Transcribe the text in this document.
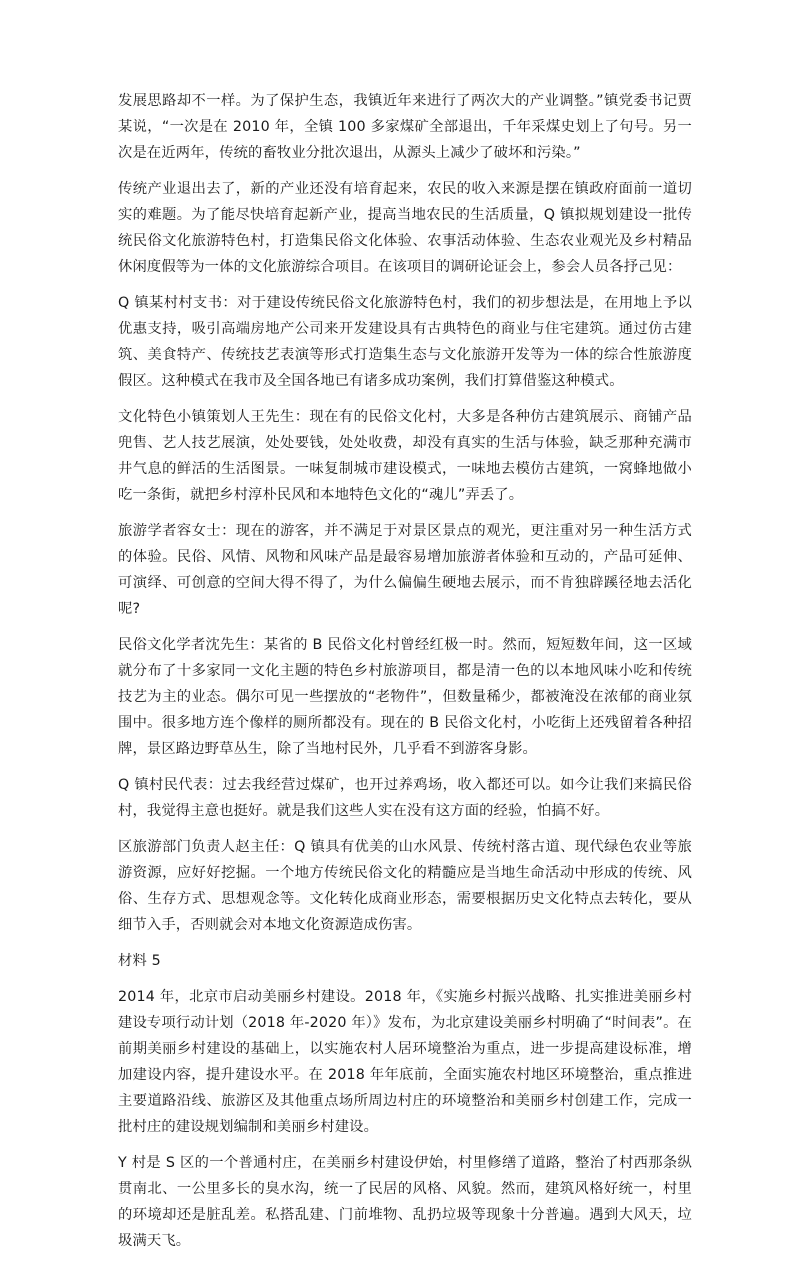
发展思路却不一样。为了保护生态，我镇近年来进行了两次大的产业调整。”镇党委书记贾某说，“一次是在 2010 年，全镇 100 多家煤矿全部退出，千年采煤史划上了句号。另一次是在近两年，传统的畜牧业分批次退出，从源头上减少了破坏和污染。”

传统产业退出去了，新的产业还没有培育起来，农民的收入来源是摆在镇政府面前一道切实的难题。为了能尽快培育起新产业，提高当地农民的生活质量，Q 镇拟规划建设一批传统民俗文化旅游特色村，打造集民俗文化体验、农事活动体验、生态农业观光及乡村精品休闲度假等为一体的文化旅游综合项目。在该项目的调研论证会上，参会人员各抒己见：

Q 镇某村村支书：对于建设传统民俗文化旅游特色村，我们的初步想法是，在用地上予以优惠支持，吸引高端房地产公司来开发建设具有古典特色的商业与住宅建筑。通过仿古建筑、美食特产、传统技艺表演等形式打造集生态与文化旅游开发等为一体的综合性旅游度假区。这种模式在我市及全国各地已有诸多成功案例，我们打算借鉴这种模式。

文化特色小镇策划人王先生：现在有的民俗文化村，大多是各种仿古建筑展示、商铺产品兜售、艺人技艺展演，处处要钱，处处收费，却没有真实的生活与体验，缺乏那种充满市井气息的鲜活的生活图景。一味复制城市建设模式，一味地去模仿古建筑，一窝蜂地做小吃一条街，就把乡村淳朴民风和本地特色文化的“魂儿”弄丢了。

旅游学者容女士：现在的游客，并不满足于对景区景点的观光，更注重对另一种生活方式的体验。民俗、风情、风物和风味产品是最容易增加旅游者体验和互动的，产品可延伸、可演绎、可创意的空间大得不得了，为什么偏偏生硬地去展示，而不肯独辟蹊径地去活化呢?

民俗文化学者沈先生：某省的 B 民俗文化村曾经红极一时。然而，短短数年间，这一区域就分布了十多家同一文化主题的特色乡村旅游项目，都是清一色的以本地风味小吃和传统技艺为主的业态。偶尔可见一些摆放的“老物件”，但数量稀少，都被淹没在浓郁的商业氛围中。很多地方连个像样的厕所都没有。现在的 B 民俗文化村，小吃街上还残留着各种招牌，景区路边野草丛生，除了当地村民外，几乎看不到游客身影。

Q 镇村民代表：过去我经营过煤矿，也开过养鸡场，收入都还可以。如今让我们来搞民俗村，我觉得主意也挺好。就是我们这些人实在没有这方面的经验，怕搞不好。

区旅游部门负责人赵主任：Q 镇具有优美的山水风景、传统村落古道、现代绿色农业等旅游资源，应好好挖掘。一个地方传统民俗文化的精髓应是当地生命活动中形成的传统、风俗、生存方式、思想观念等。文化转化成商业形态，需要根据历史文化特点去转化，要从细节入手，否则就会对本地文化资源造成伤害。

材料 5

2014 年，北京市启动美丽乡村建设。2018 年，《实施乡村振兴战略、扎实推进美丽乡村建设专项行动计划（2018 年-2020 年）》发布，为北京建设美丽乡村明确了“时间表”。在前期美丽乡村建设的基础上，以实施农村人居环境整治为重点，进一步提高建设标准，增加建设内容，提升建设水平。在 2018 年年底前，全面实施农村地区环境整治，重点推进主要道路沿线、旅游区及其他重点场所周边村庄的环境整治和美丽乡村创建工作，完成一批村庄的建设规划编制和美丽乡村建设。

Y 村是 S 区的一个普通村庄，在美丽乡村建设伊始，村里修缮了道路，整治了村西那条纵贯南北、一公里多长的臭水沟，统一了民居的风格、风貌。然而，建筑风格好统一，村里的环境却还是脏乱差。私搭乱建、门前堆物、乱扔垃圾等现象十分普遍。遇到大风天，垃圾满天飞。
